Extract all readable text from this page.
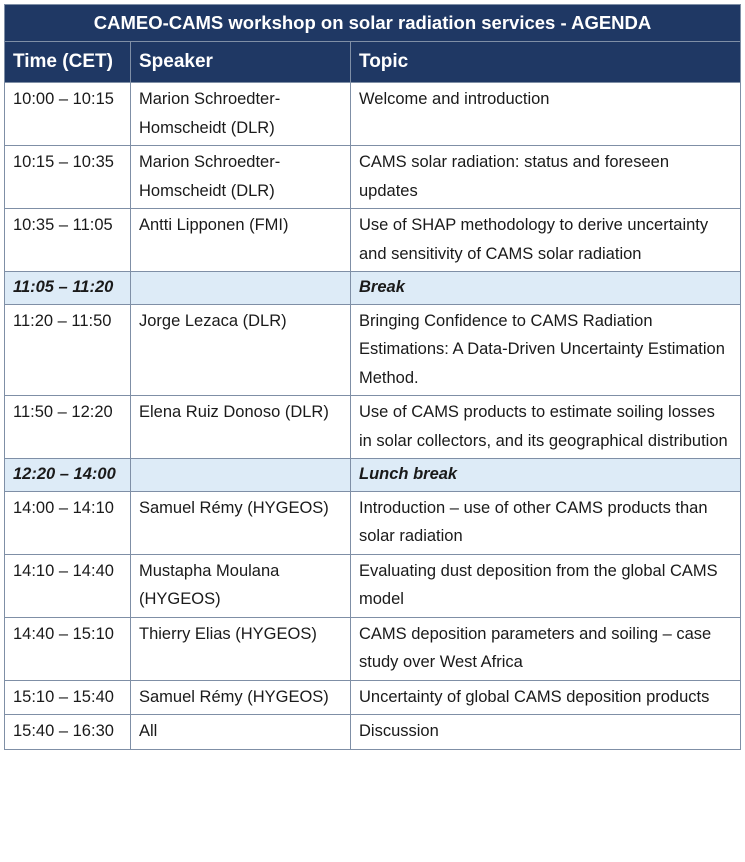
CAMEO-CAMS workshop on solar radiation services - AGENDA		
Time (CET)	Speaker	Topic
10:00 – 10:15	Marion Schroedter-Homscheidt (DLR)	Welcome and introduction
10:15 – 10:35	Marion Schroedter-Homscheidt (DLR)	CAMS solar radiation: status and foreseen updates
10:35 – 11:05	Antti Lipponen (FMI)	Use of SHAP methodology to derive uncertainty and sensitivity of CAMS solar radiation
11:05 – 11:20		Break
11:20 – 11:50	Jorge Lezaca (DLR)	Bringing Confidence to CAMS Radiation Estimations: A Data-Driven Uncertainty Estimation Method.
11:50 – 12:20	Elena Ruiz Donoso (DLR)	Use of CAMS products to estimate soiling losses in solar collectors, and its geographical distribution
12:20 – 14:00		Lunch break
14:00 – 14:10	Samuel Rémy (HYGEOS)	Introduction – use of other CAMS products than solar radiation
14:10 – 14:40	Mustapha Moulana (HYGEOS)	Evaluating dust deposition from the global CAMS model
14:40 – 15:10	Thierry Elias (HYGEOS)	CAMS deposition parameters and soiling – case study over West Africa
15:10 – 15:40	Samuel Rémy (HYGEOS)	Uncertainty of global CAMS deposition products
15:40 – 16:30	All	Discussion
